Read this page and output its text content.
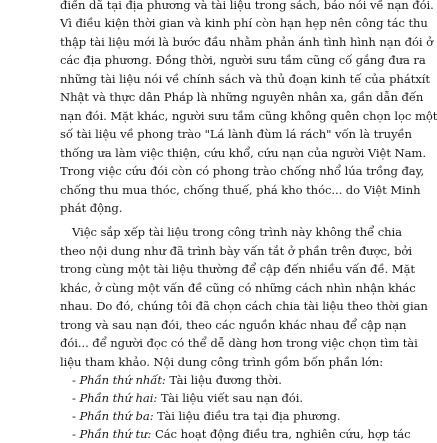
điền dã tại địa phương và tài liệu trong sách, báo nói về nạn đói.
Vì điều kiện thời gian và kinh phí còn hạn hẹp nên công tác thu
thập tài liệu mới là bước đầu nhằm phản ánh tình hình nạn đói ở
các địa phương. Đồng thời, người sưu tầm cũng cố gắng đưa ra
những tài liệu nói về chính sách và thủ đoạn kinh tế của phátxít
Nhật và thực dân Pháp là những nguyên nhân xa, gần dẫn đến
nạn đói. Mặt khác, người sưu tầm cũng không quên chọn lọc một
số tài liệu về phong trào "Lá lành đùm lá rách" vốn là truyền
thống ưa làm việc thiện, cứu khổ, cứu nạn của người Việt Nam.
Trong việc cứu đói còn có phong trào chống nhổ lúa trồng đay,
chống thu mua thóc, chống thuế, phá kho thóc... do Việt Minh
phát động.
Việc sắp xếp tài liệu trong công trình này không thể chia
theo nội dung như đã trình bày vấn tắt ở phần trên được, bởi
trong cùng một tài liệu thường để cập đến nhiều vấn đề. Mặt
khác, ở cùng một vấn đề cũng có những cách nhìn nhận khác
nhau. Do đó, chúng tôi đã chọn cách chia tài liệu theo thời gian
trong và sau nạn đói, theo các nguồn khác nhau để cập nạn
đói... để người đọc có thể dễ dàng hơn trong việc chọn tìm tài
liệu tham khảo. Nội dung công trình gồm bốn phần lớn:
- Phần thứ nhất: Tài liệu đương thời.
- Phần thứ hai: Tài liệu viết sau nạn đói.
- Phần thứ ba: Tài liệu điều tra tại địa phương.
- Phần thứ tư: Các hoạt động điều tra, nghiên cứu, hợp tác
